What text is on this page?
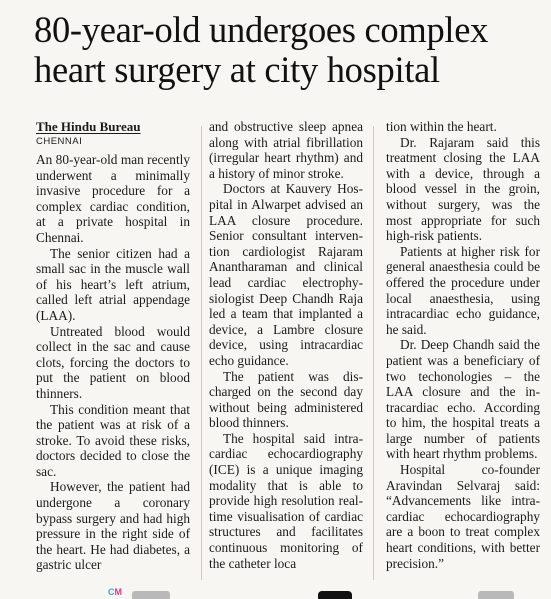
80-year-old undergoes complex heart surgery at city hospital
The Hindu Bureau
CHENNAI

An 80-year-old man recently underwent a minimally invasive procedure for a complex cardiac condition, at a private hospital in Chennai.

The senior citizen had a small sac in the muscle wall of his heart’s left atrium, called left atrial appendage (LAA).

Untreated blood would collect in the sac and cause clots, forcing the doctors to put the patient on blood thinners.

This condition meant that the patient was at risk of a stroke. To avoid these risks, doctors decided to close the sac.

However, the patient had undergone a coronary bypass surgery and had high pressure in the right side of the heart. He had diabetes, a gastric ulcer

and obstructive sleep apnea along with atrial fibrillation (irregular heart rhythm) and a history of minor stroke.

Doctors at Kauvery Hospital in Alwarpet advised an LAA closure procedure. Senior consultant intervention cardiologist Rajaram Anantharaman and clinical lead cardiac electrophysiologist Deep Chandh Raja led a team that implanted a device, a Lambre closure device, using intracardiac echo guidance.

The patient was discharged on the second day without being administered blood thinners.

The hospital said intracardiac echocardiography (ICE) is a unique imaging modality that is able to provide high resolution real-time visualisation of cardiac structures and facilitates continuous monitoring of the catheter loca

tion within the heart.

Dr. Rajaram said this treatment closing the LAA with a device, through a blood vessel in the groin, without surgery, was the most appropriate for such high-risk patients.

Patients at higher risk for general anaesthesia could be offered the procedure under local anaesthesia, using intracardiac echo guidance, he said.

Dr. Deep Chandh said the patient was a beneficiary of two techonologies – the LAA closure and the intracardiac echo. According to him, the hospital treats a large number of patients with heart rhythm problems.

Hospital co-founder Aravindan Selvaraj said: “Advancements like intracardiac echocardiography are a boon to treat complex heart conditions, with better precision.”

CM
